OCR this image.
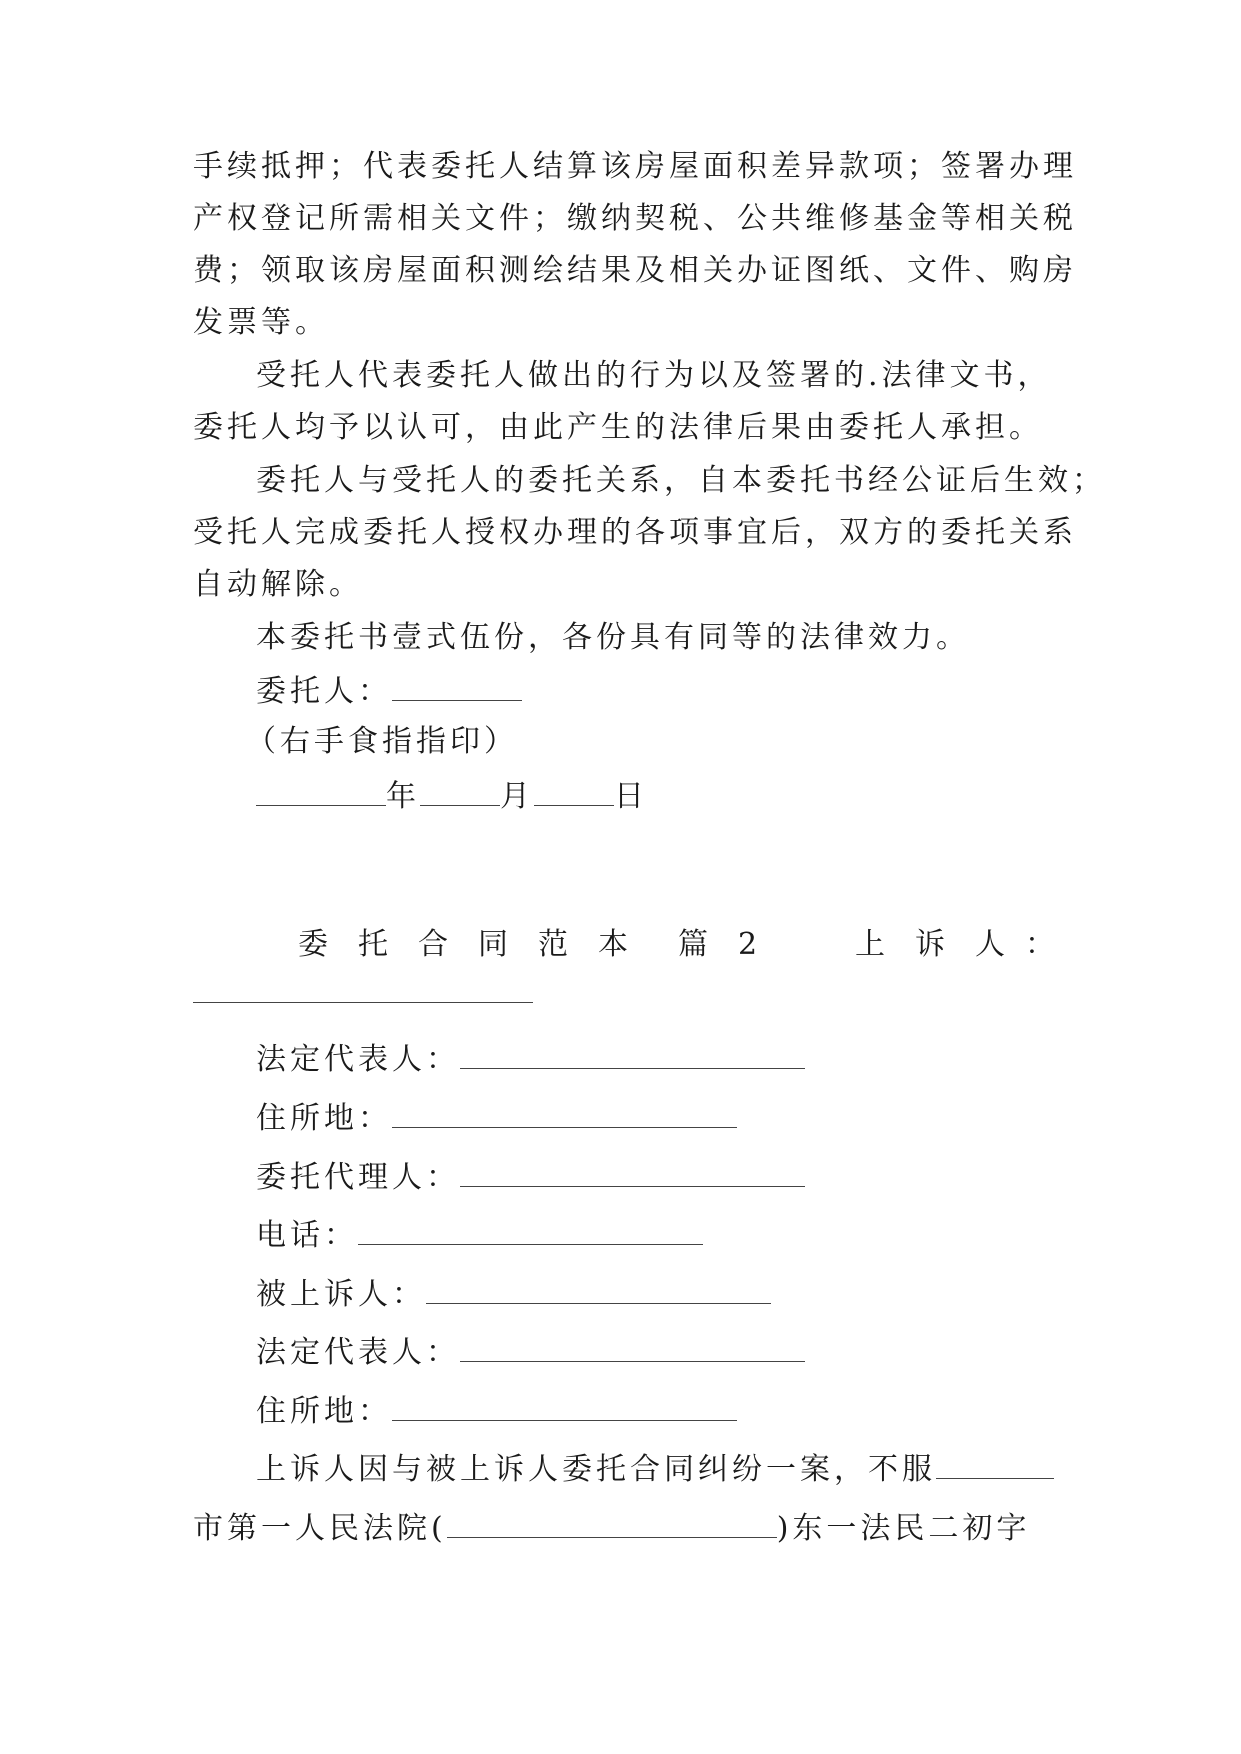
手续抵押；代表委托人结算该房屋面积差异款项；签署办理
产权登记所需相关文件；缴纳契税、公共维修基金等相关税
费；领取该房屋面积测绘结果及相关办证图纸、文件、购房
发票等。
受托人代表委托人做出的行为以及签署的.法律文书，
委托人均予以认可，由此产生的法律后果由委托人承担。
委托人与受托人的委托关系，自本委托书经公证后生效；
受托人完成委托人授权办理的各项事宜后，双方的委托关系
自动解除。
本委托书壹式伍份，各份具有同等的法律效力。
委托人：
（右手食指指印）
年	月	日
委 托 合 同 范 本 篇 2	上 诉 人 ：
法定代表人：
住所地：
委托代理人：
电话：
被上诉人：
法定代表人：
住所地：
上诉人因与被上诉人委托合同纠纷一案，不服
市第一人民法院(	)东一法民二初字
